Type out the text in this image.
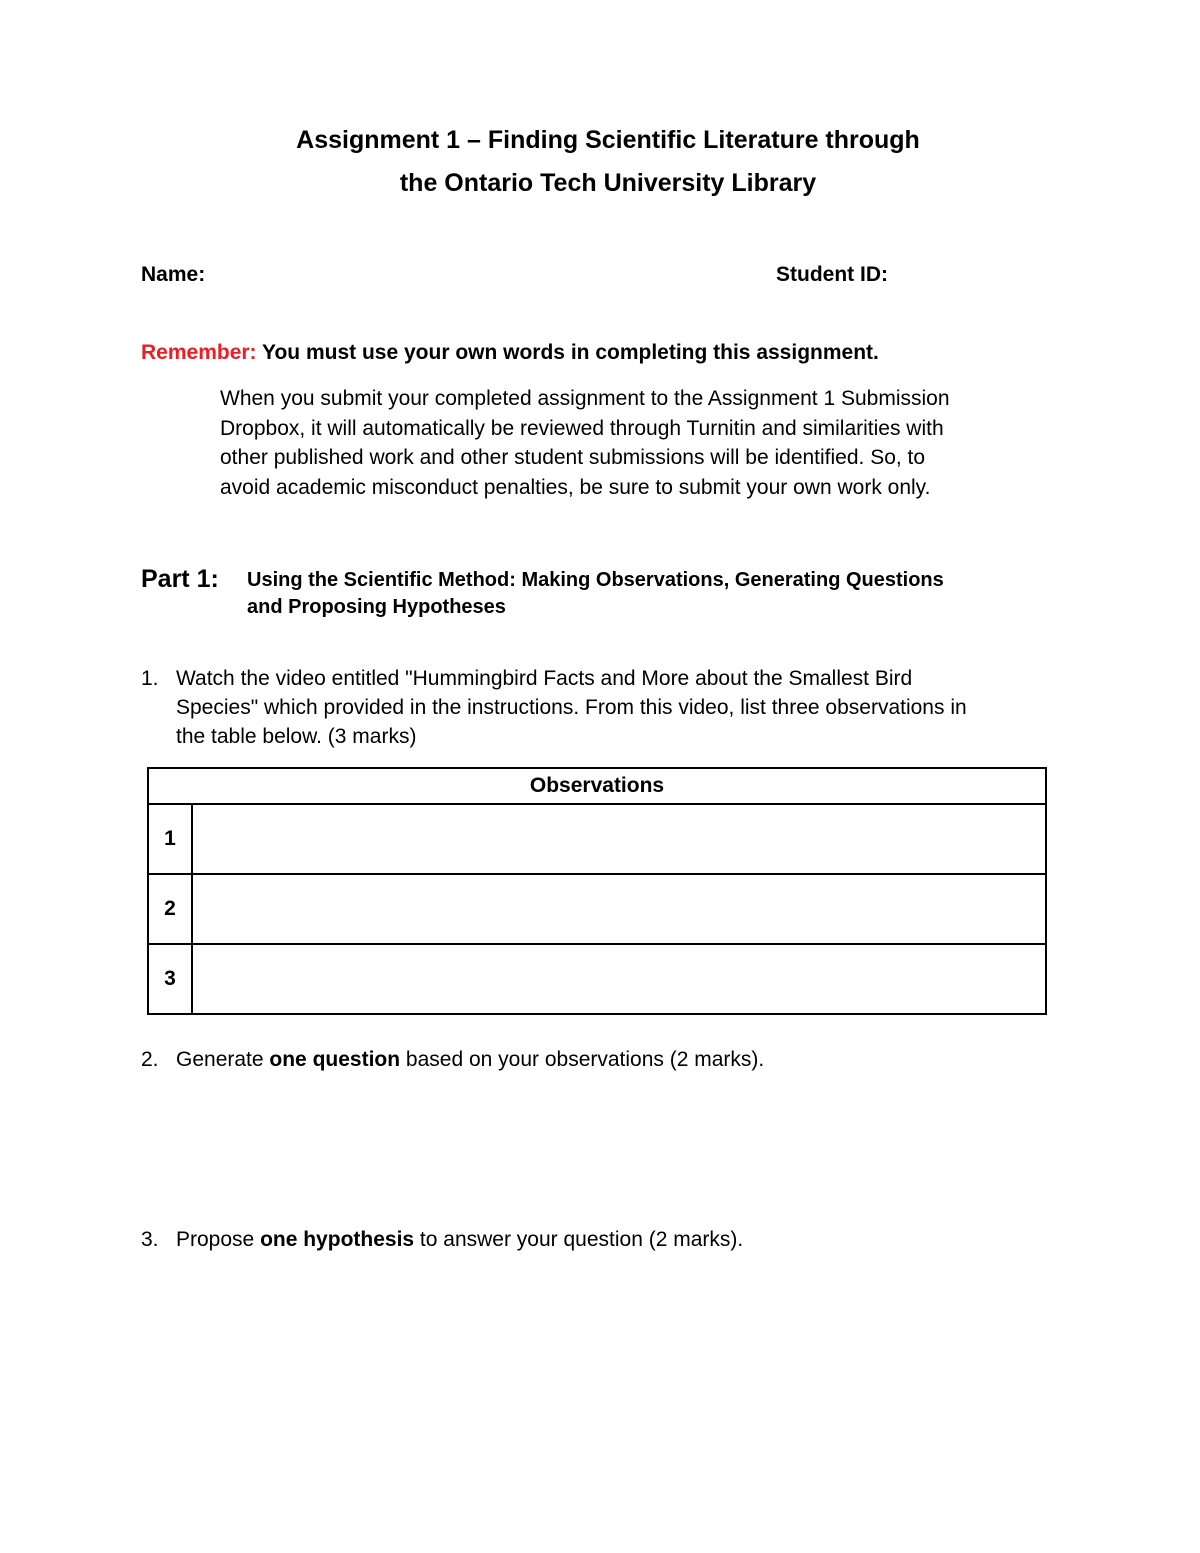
Assignment 1 – Finding Scientific Literature through
the Ontario Tech University Library
Name:	Student ID:
Remember: You must use your own words in completing this assignment.
When you submit your completed assignment to the Assignment 1 Submission
Dropbox, it will automatically be reviewed through Turnitin and similarities with
other published work and other student submissions will be identified. So, to
avoid academic misconduct penalties, be sure to submit your own work only.
Part 1: Using the Scientific Method: Making Observations, Generating Questions
and Proposing Hypotheses
1. Watch the video entitled "Hummingbird Facts and More about the Smallest Bird
Species" which provided in the instructions. From this video, list three observations in
the table below. (3 marks)
Observations	
1	
2	
3	
2. Generate one question based on your observations (2 marks).
3. Propose one hypothesis to answer your question (2 marks).
